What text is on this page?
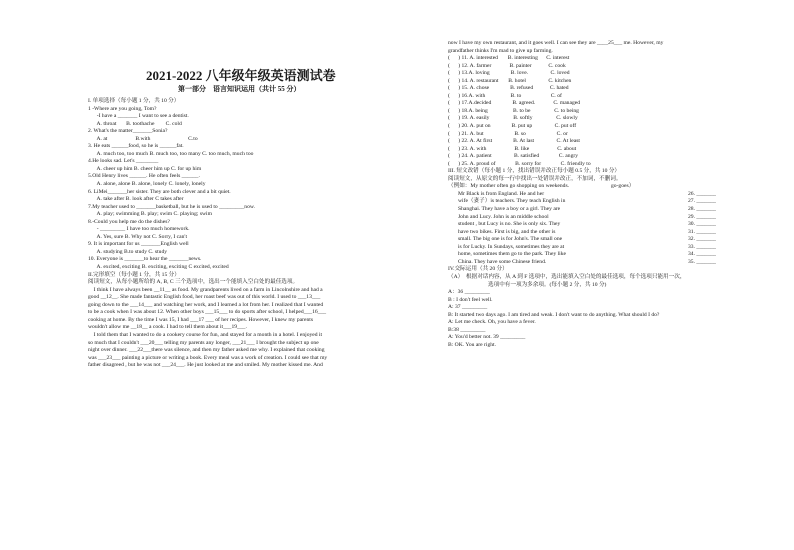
2021-2022 八年级年级英语测试卷
第一部分　语言知识运用（共计 55 分）
I. 单项选择（每小题 1 分，共 10 分）
1 -Where are you going, Tom?
-I have a _______ I want to see a dentist.
A. throat       B. toothache        C. cold
2. What's the matter_______Sonia?
A. at                    B.with                           C.to
3. He eats ______food, so he is ______fat.
A. much too, too much B. much too, too many C. too much, much too
4.He looks sad. Let's ________
A. cheer up him B. cheer him up C. for up him
5.Old Henry lives ______. He often feels ______.
A. alone, alone B. alone, lonely C. lonely, lonely
6. LiMei_______her sister. They are both clever and a bit quiet.
A. take after B. look after C takes after
7.My teacher used to _______basketball, but he is used to _________now.
A. play; swimming B. play; swim C. playing; swim
8.-Could you help me do the dishes?
- _________ I have too much homework.
A. Yes, sure B. Why not C. Sorry, I can't
9. It is important for us _______English well
A. studying B.to study C. study
10. Everyone is _______to hear the _______news.
A. excited, exciting B. exciting, exciting C excited, excited
II.完形填空（每小题 1 分，共 15 分）
阅读短文，从每小题所给的 A, B, C 三个选项中，选出一个能填入空白处的最佳选项。
I think I have always been __11__ as food. My grandparents lived on a farm in Lincolnshire and had a
good __12__. She made fantastic English food, her roast beef was out of this world. I used to ___13___
going down to the ___14___ and watching her work, and I learned a lot from her. I realized that I wanted
to be a cook when I was about 12. When other boys ___15___ to do sports after school, I helped___16___
cooking at home. By the time I was 15, I had ___17 ___ of her recipes. However, I knew my parents
wouldn't allow me __18__ a cook. I had to tell them about it___19___.
I told them that I wanted to do a cookery course for fun, and stayed for a month in a hotel. I enjoyed it
so much that I couldn't ___20___ telling my parents any longer, ___21___ I brought the subject up one
night over dinner. ___22___there was silence, and then my father asked me why. I explained that cooking
was ___23___ painting a picture or writing a book. Every meal was a work of creation. I could see that my
father disagreed , but he was not ___24___. He just looked at me and smiled. My mother kissed me. And
now I have my own restaurant, and it goes well. I can see they are ____25___ me. However, my
grandfather thinks I'm mad to give up farming.
(      ) 11. A. interested       B. interesting      C. interest
(      ) 12. A. farmer             B. painter            C. cook
(      ) 13.A. loving               B. love.                C. loved
(      ) 14. A. restaurant       B. hotel                C. kitchen
(      ) 15. A. chose               B. refused            C. hated
(      ) 16.A. with                  B. to                     C. of
(      ) 17.A.decided               B. agreed.             C. managed
(      ) 18.A. being                  B. to be                 C. to being
(      ) 19. A. easily                 B. softly                 C. slowly
(      ) 20. A. put on               B. put up                C. put off
(      ) 21. A. but                      B. so                      C. or
(      ) 22. A. At first               B. At last                C. At least
(      ) 23. A. with                    B. like                    C. about
(      ) 24. A. patient                B. satisfied              C. angry
(      ) 25. A. proud of              B. sorry for              C. friendly to
III. 短文改错（每小题 1 分，找出错误并改正每小题 0.5 分，共 10 分）
阅读短文，从原文的每一行中找出一处错误并改正，不加词，不删词。
（例如：My mother often go shopping on weekends.                              go-goes）
Mr Black is from England. He and her	26. _______
wife（妻子）is teachers. They teach English in	27. _______
Shanghai. They have a boy or a girl. They are	28. _______
John and Lucy. John is an middle school	29. _______
student , but Lucy is no. She is only six. They	30. _______
have two bikes. First is big, and the other is	31. _______
small. The big one is for John's. The small one	32. _______
is for Lucky. In Sundays, sometimes they are at	33. _______
home, sometimes them go to the park. They like	34. _______
China. They have some Chinese friend.	35. _______
IV.交际运用（共 20 分）
（A）　根据对话内容，从 A 到 F 选项中，选出能填入空白处的最佳选项，每个选项只能用一次，
选项中有一项为多余项。(每小题 2 分，共 10 分)
A：36 _________
B : I don't feel well.
A: 37 _________
B: It started two days ago. I am tired and weak. I don't want to do anything. What should I do?
A: Let me check. Oh, you have a fever.
B:38 _________
A: You'd better not. 39 _________
B: OK. You are right.
